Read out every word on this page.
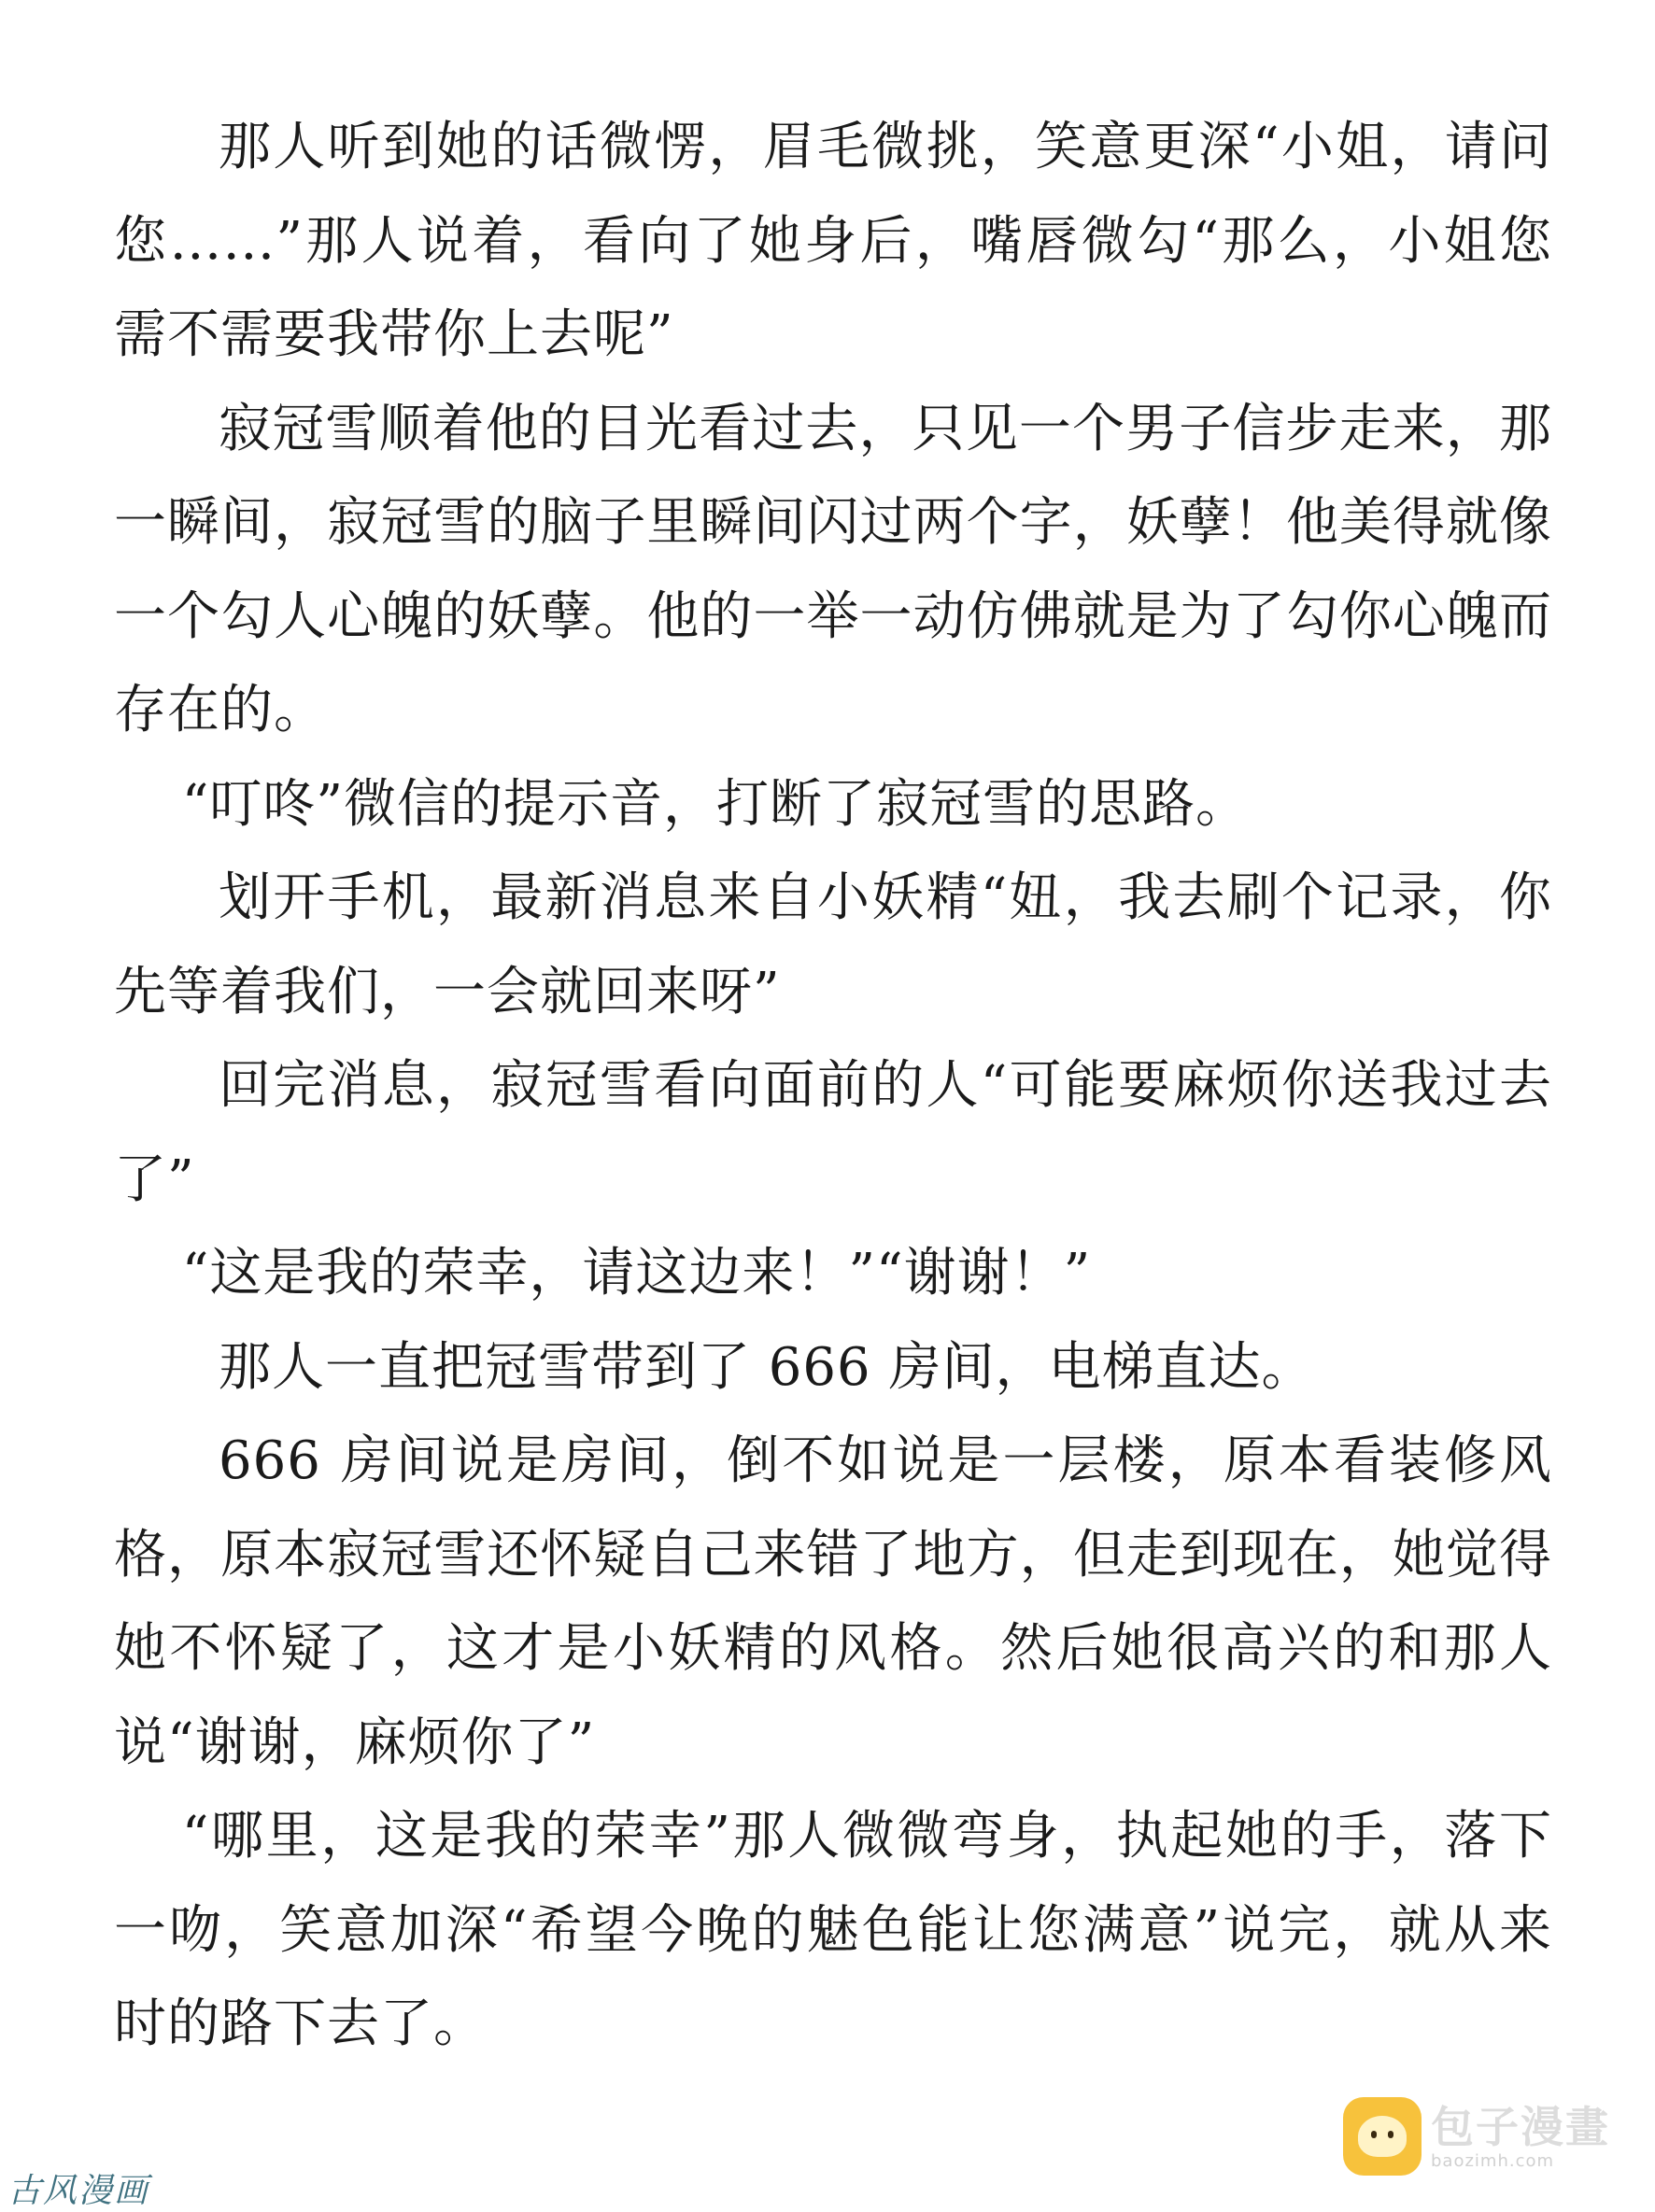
那人听到她的话微愣，眉毛微挑，笑意更深“小姐，请问您……”那人说着，看向了她身后，嘴唇微勾“那么，小姐您需不需要我带你上去呢”

寂冠雪顺着他的目光看过去，只见一个男子信步走来，那一瞬间，寂冠雪的脑子里瞬间闪过两个字，妖孽！他美得就像一个勾人心魄的妖孽。他的一举一动仿佛就是为了勾你心魄而存在的。

“叮咚”微信的提示音，打断了寂冠雪的思路。

划开手机，最新消息来自小妖精“妞，我去刷个记录，你先等着我们，一会就回来呀”

回完消息，寂冠雪看向面前的人“可能要麻烦你送我过去了”

“这是我的荣幸，请这边来！”“谢谢！”

那人一直把冠雪带到了 666 房间，电梯直达。

666 房间说是房间，倒不如说是一层楼，原本看装修风格，原本寂冠雪还怀疑自己来错了地方，但走到现在，她觉得她不怀疑了，这才是小妖精的风格。然后她很高兴的和那人说“谢谢，麻烦你了”

“哪里，这是我的荣幸”那人微微弯身，执起她的手，落下一吻，笑意加深“希望今晚的魅色能让您满意”说完，就从来时的路下去了。

包子漫畫
baozimh.com
古风漫画
